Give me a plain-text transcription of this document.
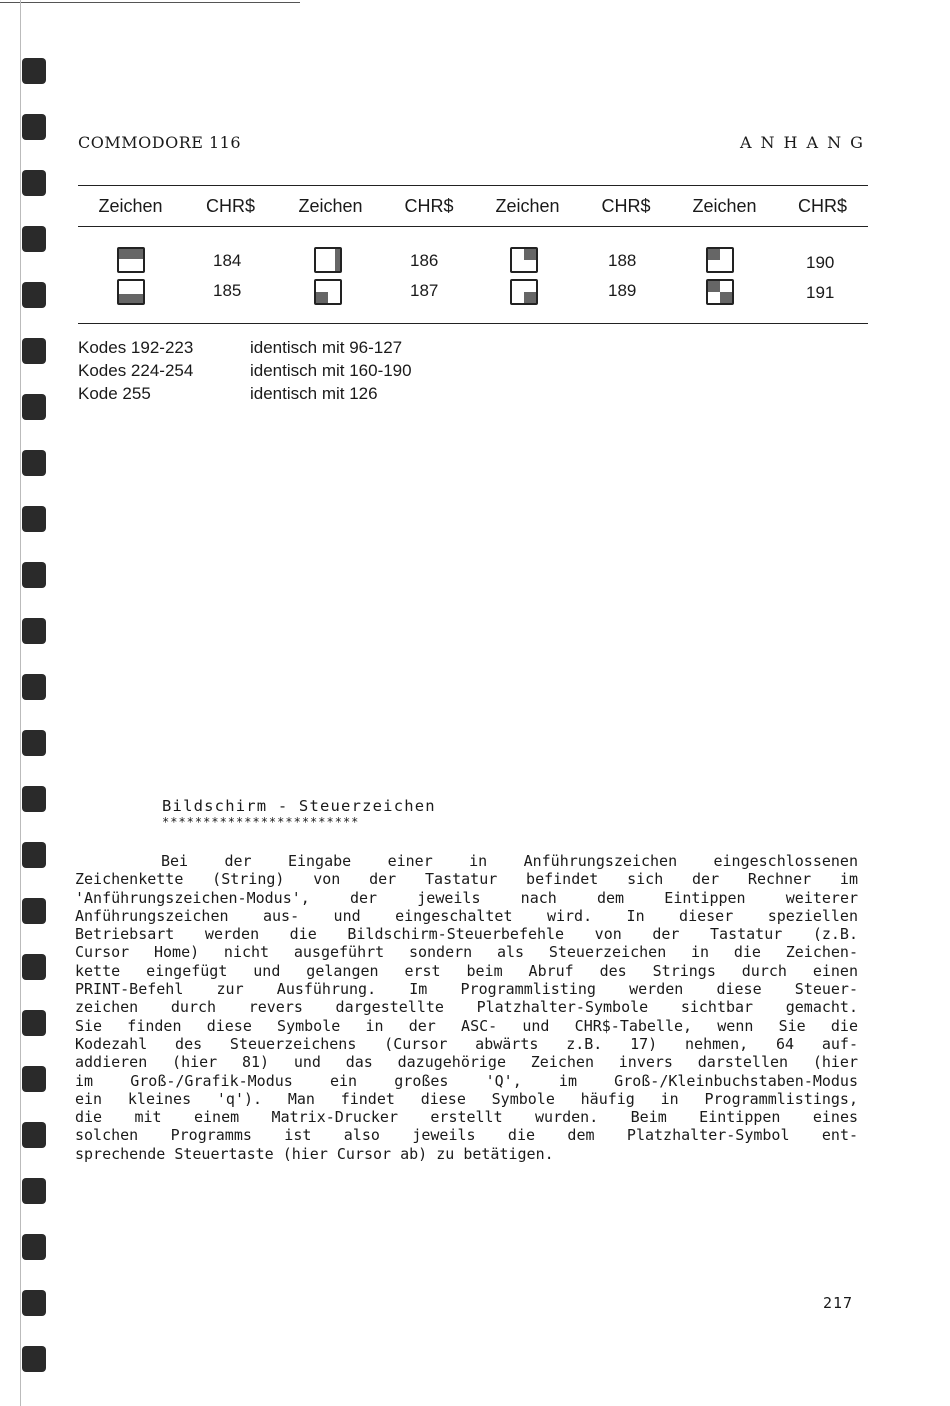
COMMODORE 116	ANHANG
Zeichen	CHR$	Zeichen	CHR$	Zeichen	CHR$	Zeichen	CHR$
184	186	188	190
185	187	189	191
Kodes 192-223	identisch mit 96-127
Kodes 224-254	identisch mit 160-190
Kode 255	identisch mit 126
Bildschirm - Steuerzeichen
************************
Bei der Eingabe einer in Anführungszeichen eingeschlossenen
Zeichenkette (String) von der Tastatur befindet sich der Rechner im
'Anführungszeichen-Modus', der jeweils nach dem Eintippen weiterer
Anführungszeichen aus- und eingeschaltet wird. In dieser speziellen
Betriebsart werden die Bildschirm-Steuerbefehle von der Tastatur (z.B.
Cursor Home) nicht ausgeführt sondern als Steuerzeichen in die Zeichen-
kette eingefügt und gelangen erst beim Abruf des Strings durch einen
PRINT-Befehl zur Ausführung. Im Programmlisting werden diese Steuer-
zeichen durch revers dargestellte Platzhalter-Symbole sichtbar gemacht.
Sie finden diese Symbole in der ASC- und CHR$-Tabelle, wenn Sie die
Kodezahl des Steuerzeichens (Cursor abwärts z.B. 17) nehmen, 64 auf-
addieren (hier 81) und das dazugehörige Zeichen invers darstellen (hier
im Groß-/Grafik-Modus ein großes 'Q', im Groß-/Kleinbuchstaben-Modus
ein kleines 'q'). Man findet diese Symbole häufig in Programmlistings,
die mit einem Matrix-Drucker erstellt wurden. Beim Eintippen eines
solchen Programms ist also jeweils die dem Platzhalter-Symbol ent-
sprechende Steuertaste (hier Cursor ab) zu betätigen.
217
